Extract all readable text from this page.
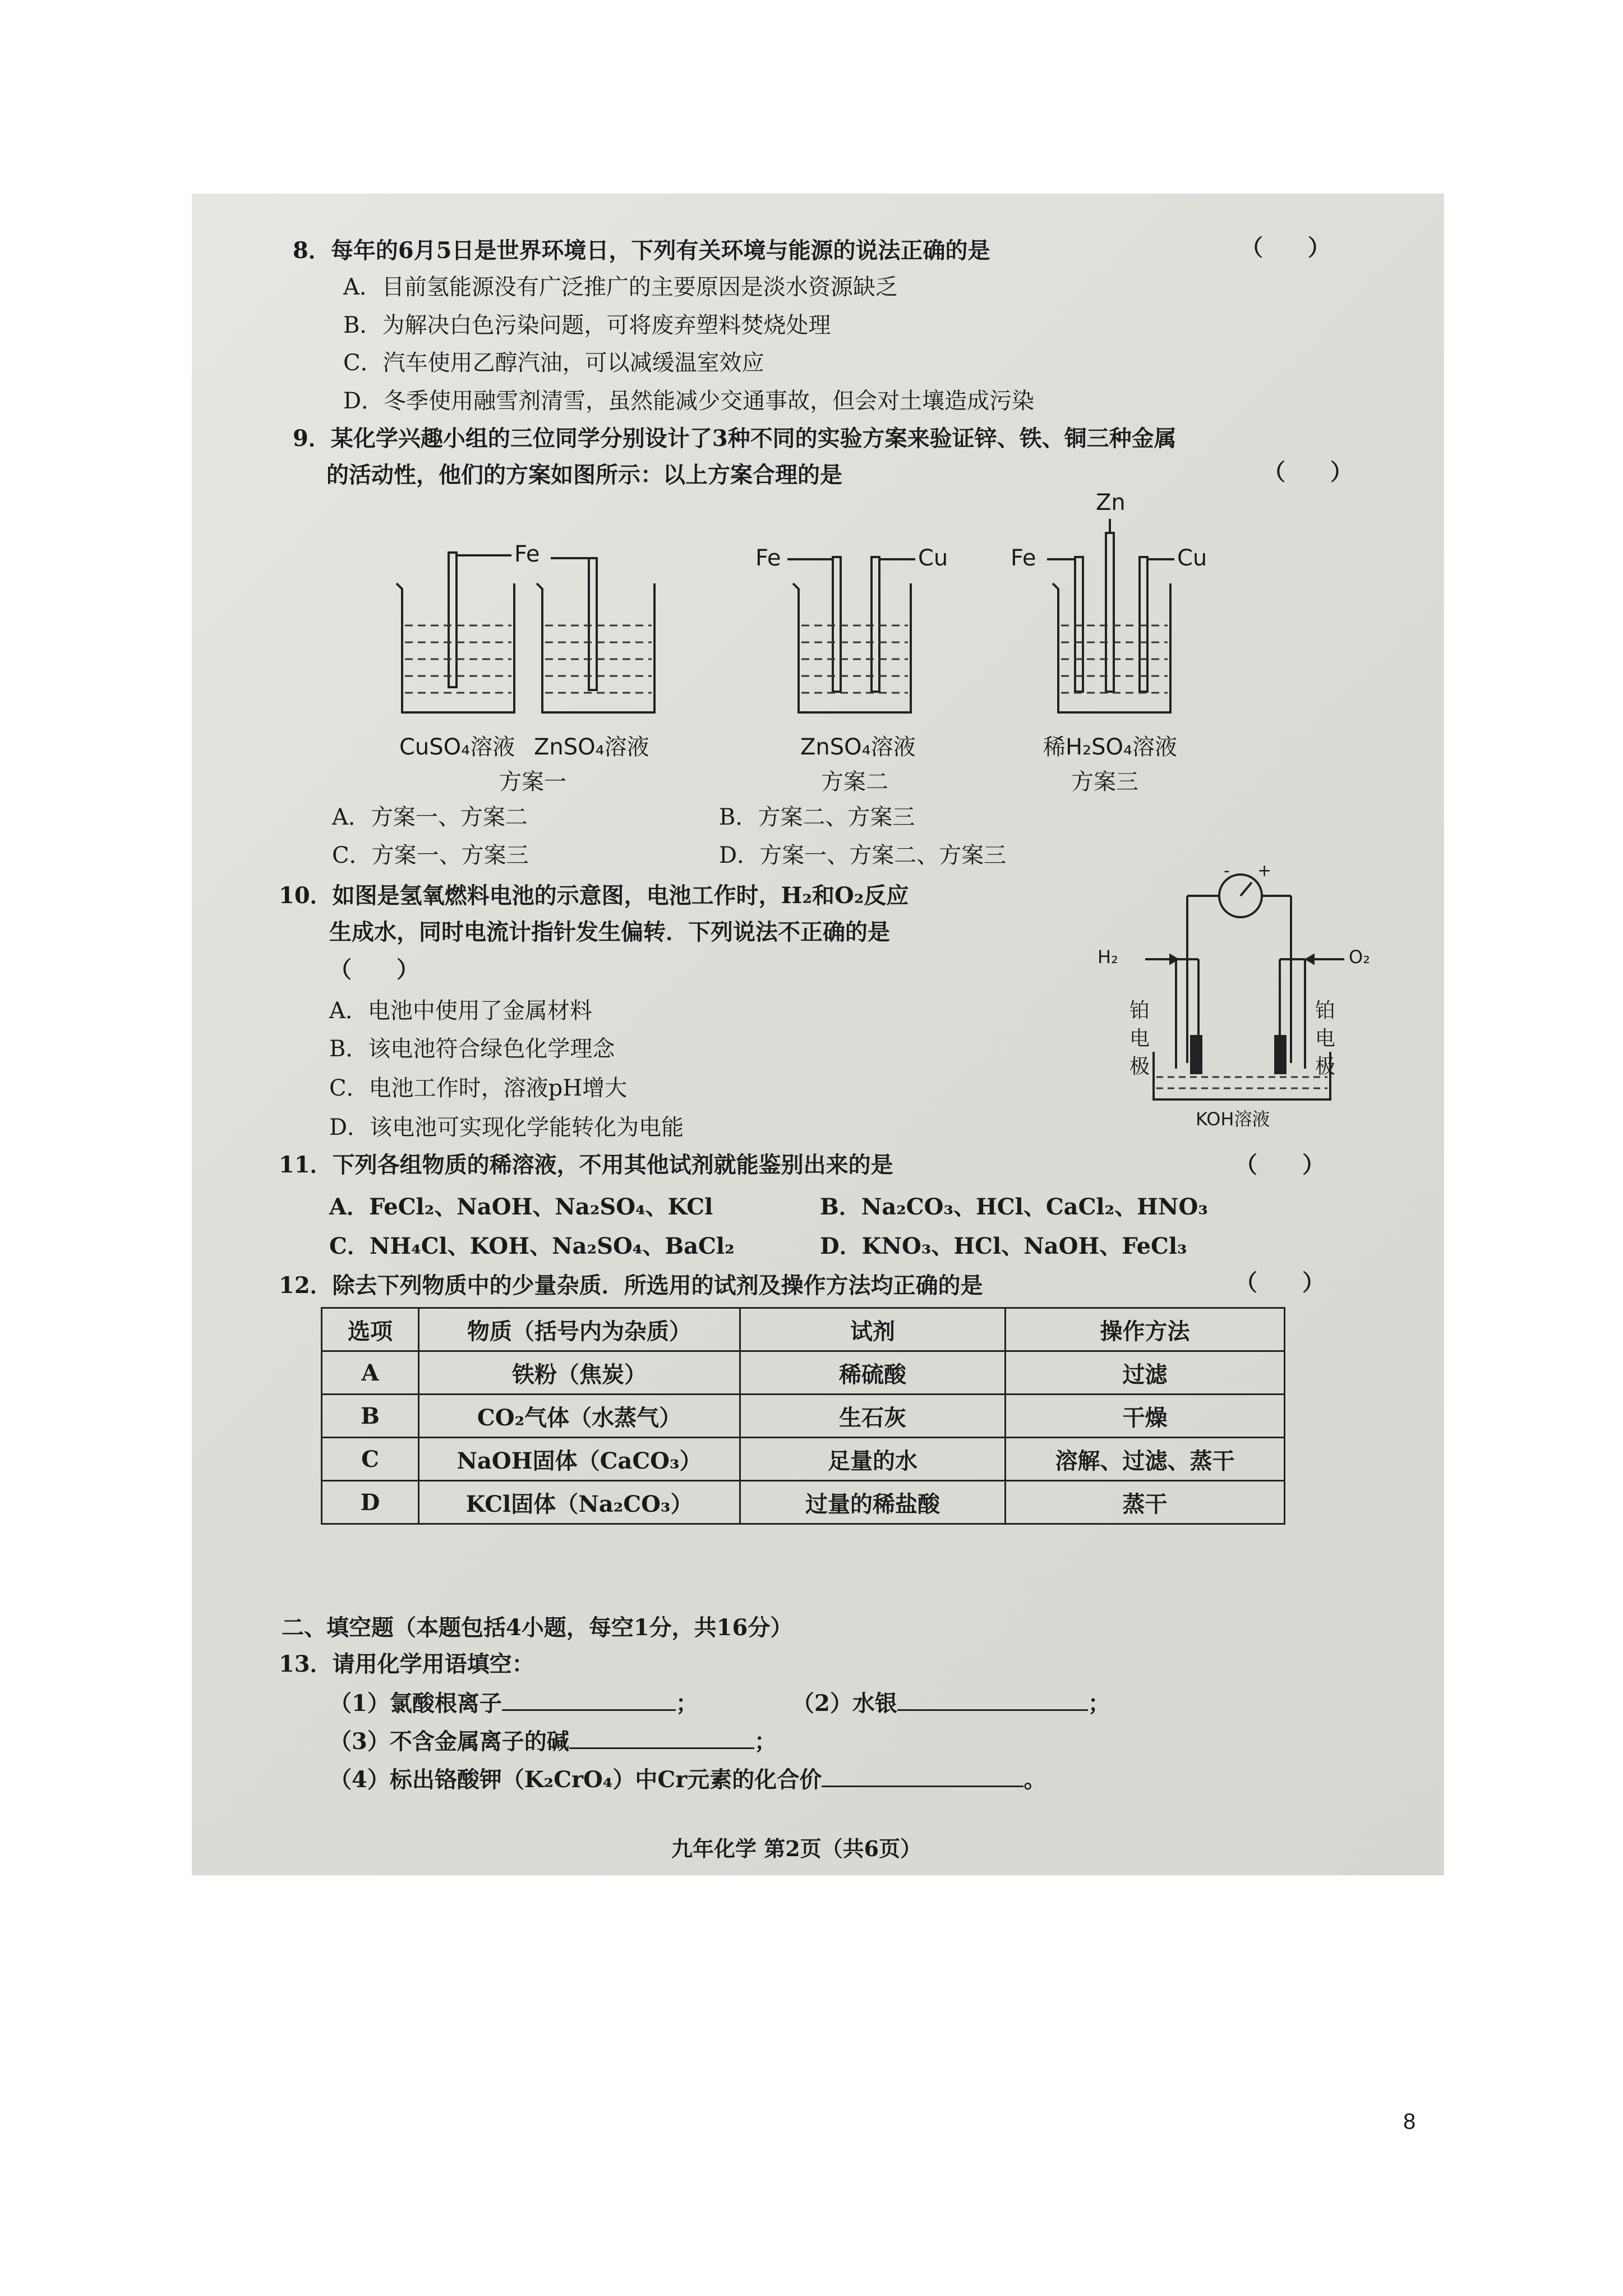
8．每年的6月5日是世界环境日，下列有关环境与能源的说法正确的是	（　　）
A．目前氢能源没有广泛推广的主要原因是淡水资源缺乏
B．为解决白色污染问题，可将废弃塑料焚烧处理
C．汽车使用乙醇汽油，可以减缓温室效应
D．冬季使用融雪剂清雪，虽然能减少交通事故，但会对土壤造成污染
9．某化学兴趣小组的三位同学分别设计了3种不同的实验方案来验证锌、铁、铜三种金属
的活动性，他们的方案如图所示：以上方案合理的是	（　　）
Fe	Fe	Cu	Fe
Zn
Cu
CuSO₄溶液 ZnSO₄溶液	ZnSO₄溶液	稀H₂SO₄溶液
方案一	方案二	方案三
A．方案一、方案二	B．方案二、方案三
C．方案一、方案三	D．方案一、方案二、方案三
10．如图是氢氧燃料电池的示意图，电池工作时，H₂和O₂反应
生成水，同时电流计指针发生偏转．下列说法不正确的是
（　　）
A．电池中使用了金属材料
B．该电池符合绿色化学理念
C．电池工作时，溶液pH增大
D．该电池可实现化学能转化为电能
- +
H₂	O₂
铂电极
铂电极
KOH溶液
11．下列各组物质的稀溶液，不用其他试剂就能鉴别出来的是	（　　）
A．FeCl₂、NaOH、Na₂SO₄、KCl	B．Na₂CO₃、HCl、CaCl₂、HNO₃
C．NH₄Cl、KOH、Na₂SO₄、BaCl₂	D．KNO₃、HCl、NaOH、FeCl₃
12．除去下列物质中的少量杂质．所选用的试剂及操作方法均正确的是	（　　）
选项	物质（括号内为杂质）	试剂	操作方法
A	铁粉（焦炭）	稀硫酸	过滤
B	CO₂气体（水蒸气）	生石灰	干燥
C	NaOH固体（CaCO₃）	足量的水	溶解、过滤、蒸干
D	KCl固体（Na₂CO₃）	过量的稀盐酸	蒸干
二、填空题（本题包括4小题，每空1分，共16分）
13．请用化学用语填空：
（1）氯酸根离子	；	（2）水银	；
（3）不含金属离子的碱	；
（4）标出铬酸钾（K₂CrO₄）中Cr元素的化合价	。
九年化学 第2页（共6页）
8
